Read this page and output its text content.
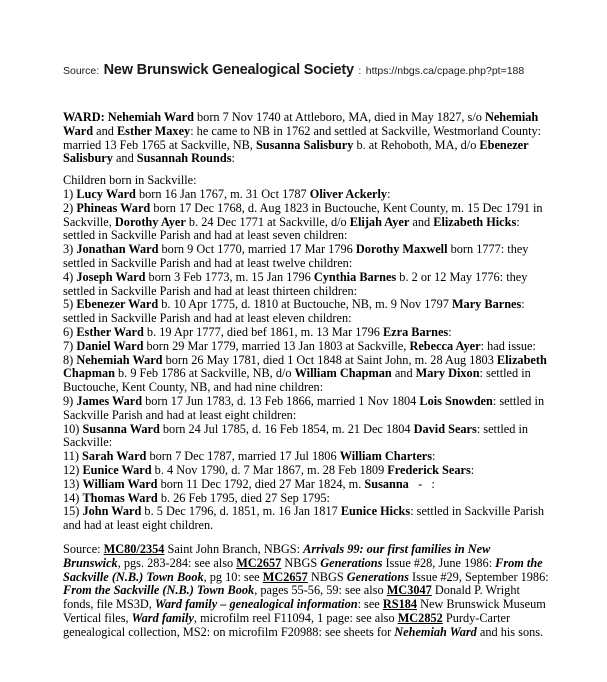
Source: New Brunswick Genealogical Society : https://nbgs.ca/cpage.php?pt=188

WARD: Nehemiah Ward born 7 Nov 1740 at Attleboro, MA, died in May 1827, s/o Nehemiah Ward and Esther Maxey: he came to NB in 1762 and settled at Sackville, Westmorland County: married 13 Feb 1765 at Sackville, NB, Susanna Salisbury b. at Rehoboth, MA, d/o Ebenezer Salisbury and Susannah Rounds:

Children born in Sackville:

1) Lucy Ward born 16 Jan 1767, m. 31 Oct 1787 Oliver Ackerly:
2) Phineas Ward born 17 Dec 1768, d. Aug 1823 in Buctouche, Kent County, m. 15 Dec 1791 in Sackville, Dorothy Ayer b. 24 Dec 1771 at Sackville, d/o Elijah Ayer and Elizabeth Hicks: settled in Sackville Parish and had at least seven children:
3) Jonathan Ward born 9 Oct 1770, married 17 Mar 1796 Dorothy Maxwell born 1777: they settled in Sackville Parish and had at least twelve children:
4) Joseph Ward born 3 Feb 1773, m. 15 Jan 1796 Cynthia Barnes b. 2 or 12 May 1776: they settled in Sackville Parish and had at least thirteen children:
5) Ebenezer Ward b. 10 Apr 1775, d. 1810 at Buctouche, NB, m. 9 Nov 1797 Mary Barnes: settled in Sackville Parish and had at least eleven children:
6) Esther Ward b. 19 Apr 1777, died bef 1861, m. 13 Mar 1796 Ezra Barnes:
7) Daniel Ward born 29 Mar 1779, married 13 Jan 1803 at Sackville, Rebecca Ayer: had issue:
8) Nehemiah Ward born 26 May 1781, died 1 Oct 1848 at Saint John, m. 28 Aug 1803 Elizabeth Chapman b. 9 Feb 1786 at Sackville, NB, d/o William Chapman and Mary Dixon: settled in Buctouche, Kent County, NB, and had nine children:
9) James Ward born 17 Jun 1783, d. 13 Feb 1866, married 1 Nov 1804 Lois Snowden: settled in Sackville Parish and had at least eight children:
10) Susanna Ward born 24 Jul 1785, d. 16 Feb 1854, m. 21 Dec 1804 David Sears: settled in Sackville:
11) Sarah Ward born 7 Dec 1787, married 17 Jul 1806 William Charters:
12) Eunice Ward b. 4 Nov 1790, d. 7 Mar 1867, m. 28 Feb 1809 Frederick Sears:
13) William Ward born 11 Dec 1792, died 27 Mar 1824, m. Susanna   -   :
14) Thomas Ward b. 26 Feb 1795, died 27 Sep 1795:
15) John Ward b. 5 Dec 1796, d. 1851, m. 16 Jan 1817 Eunice Hicks: settled in Sackville Parish and had at least eight children.

Source: MC80/2354 Saint John Branch, NBGS: Arrivals 99: our first families in New Brunswick, pgs. 283-284: see also MC2657 NBGS Generations Issue #28, June 1986: From the Sackville (N.B.) Town Book, pg 10: see MC2657 NBGS Generations Issue #29, September 1986: From the Sackville (N.B.) Town Book, pages 55-56, 59: see also MC3047 Donald P. Wright fonds, file MS3D, Ward family – genealogical information: see RS184 New Brunswick Museum Vertical files, Ward family, microfilm reel F11094, 1 page: see also MC2852 Purdy-Carter genealogical collection, MS2: on microfilm F20988: see sheets for Nehemiah Ward and his sons.
